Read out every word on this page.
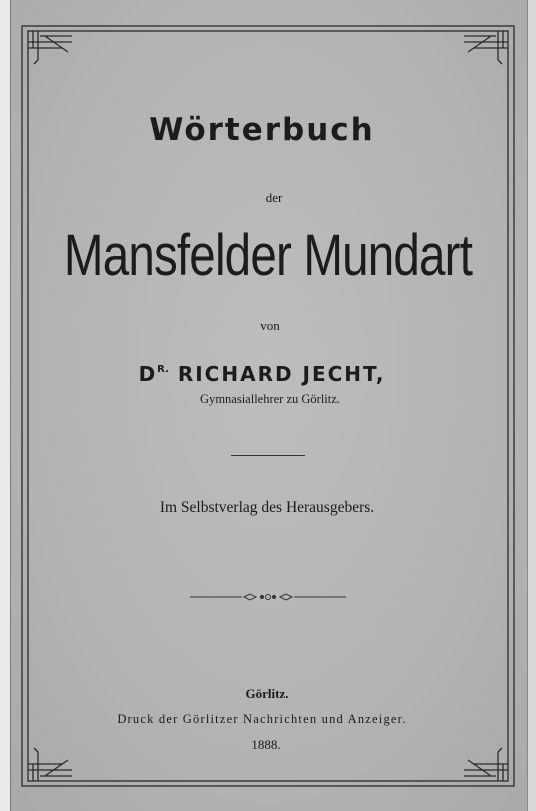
Wörterbuch
der
Mansfelder Mundart
von
$D^{R.}$ RICHARD JECHT,
Gymnasiallehrer zu Görlitz.
Im Selbstverlag des Herausgebers.
Görlitz.
Druck der Görlitzer Nachrichten und Anzeiger.
1888.
